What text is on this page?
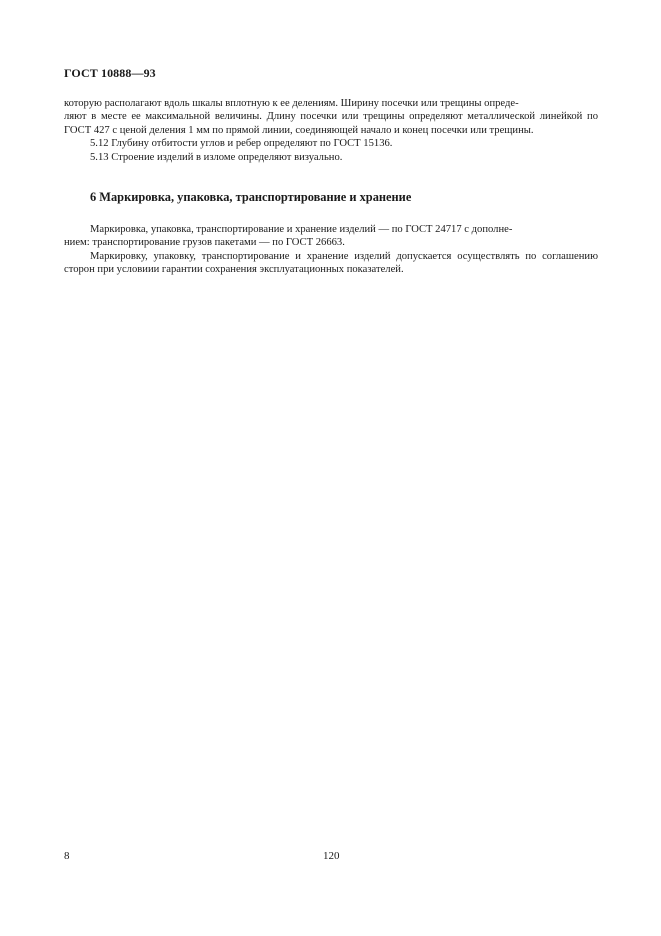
ГОСТ 10888—93

которую располагают вдоль шкалы вплотную к ее делениям. Ширину посечки или трещины опреде-
ляют в месте ее максимальной величины. Длину посечки или трещины определяют металлической линейкой по ГОСТ 427 с ценой деления 1 мм по прямой линии, соединяющей начало и конец посечки или трещины.

5.12 Глубину отбитости углов и ребер определяют по ГОСТ 15136.

5.13 Строение изделий в изломе определяют визуально.

6 Маркировка, упаковка, транспортирование и хранение

Маркировка, упаковка, транспортирование и хранение изделий — по ГОСТ 24717 с дополне-
нием: транспортирование грузов пакетами — по ГОСТ 26663.

Маркировку, упаковку, транспортирование и хранение изделий допускается осуществлять по соглашению сторон при условиии гарантии сохранения эксплуатационных показателей.

8	120
